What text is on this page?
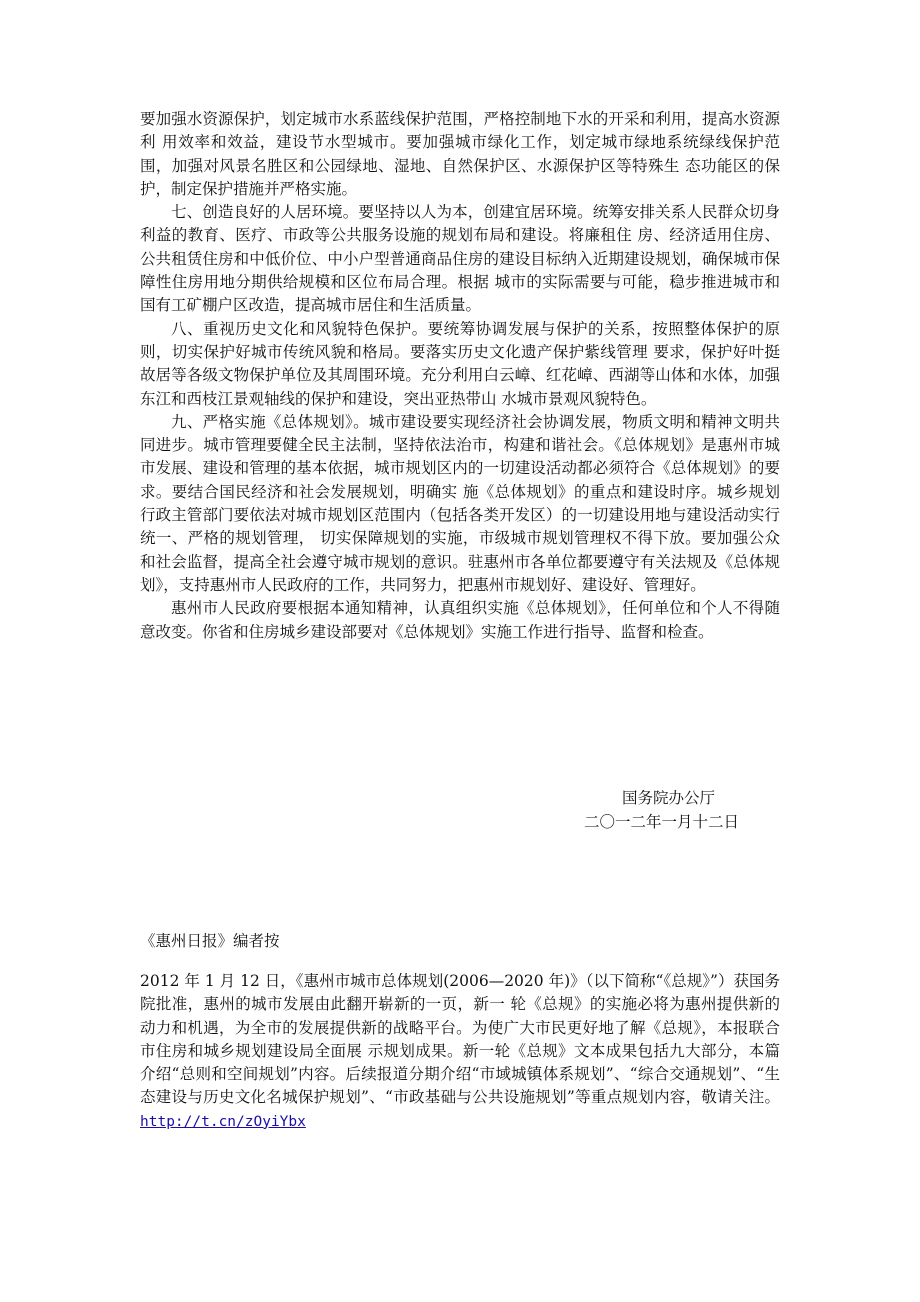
要加强水资源保护，划定城市水系蓝线保护范围，严格控制地下水的开采和利用，提高水资源利 用效率和效益，建设节水型城市。要加强城市绿化工作，划定城市绿地系统绿线保护范围，加强对风景名胜区和公园绿地、湿地、自然保护区、水源保护区等特殊生 态功能区的保护，制定保护措施并严格实施。

七、创造良好的人居环境。要坚持以人为本，创建宜居环境。统筹安排关系人民群众切身利益的教育、医疗、市政等公共服务设施的规划布局和建设。将廉租住 房、经济适用住房、公共租赁住房和中低价位、中小户型普通商品住房的建设目标纳入近期建设规划，确保城市保障性住房用地分期供给规模和区位布局合理。根据 城市的实际需要与可能，稳步推进城市和国有工矿棚户区改造，提高城市居住和生活质量。

八、重视历史文化和风貌特色保护。要统筹协调发展与保护的关系，按照整体保护的原则，切实保护好城市传统风貌和格局。要落实历史文化遗产保护紫线管理 要求，保护好叶挺故居等各级文物保护单位及其周围环境。充分利用白云嶂、红花嶂、西湖等山体和水体，加强东江和西枝江景观轴线的保护和建设，突出亚热带山 水城市景观风貌特色。

九、严格实施《总体规划》。城市建设要实现经济社会协调发展，物质文明和精神文明共同进步。城市管理要健全民主法制，坚持依法治市，构建和谐社会。《总体规划》是惠州市城市发展、建设和管理的基本依据，城市规划区内的一切建设活动都必须符合《总体规划》的要求。要结合国民经济和社会发展规划，明确实 施《总体规划》的重点和建设时序。城乡规划行政主管部门要依法对城市规划区范围内（包括各类开发区）的一切建设用地与建设活动实行统一、严格的规划管理， 切实保障规划的实施，市级城市规划管理权不得下放。要加强公众和社会监督，提高全社会遵守城市规划的意识。驻惠州市各单位都要遵守有关法规及《总体规 划》，支持惠州市人民政府的工作，共同努力，把惠州市规划好、建设好、管理好。

惠州市人民政府要根据本通知精神，认真组织实施《总体规划》，任何单位和个人不得随意改变。你省和住房城乡建设部要对《总体规划》实施工作进行指导、监督和检查。

国务院办公厅
二〇一二年一月十二日
《惠州日报》编者按

2012 年 1 月 12 日，《惠州市城市总体规划(2006—2020 年)》（以下简称“《总规》”）获国务院批准，惠州的城市发展由此翻开崭新的一页，新一 轮《总规》的实施必将为惠州提供新的动力和机遇，为全市的发展提供新的战略平台。为使广大市民更好地了解《总规》，本报联合市住房和城乡规划建设局全面展 示规划成果。新一轮《总规》文本成果包括九大部分，本篇介绍“总则和空间规划”内容。后续报道分期介绍“市域城镇体系规划”、“综合交通规划”、“生态建设与历史文化名城保护规划”、“市政基础与公共设施规划”等重点规划内容，敬请关注。http://t.cn/zOyiYbx
